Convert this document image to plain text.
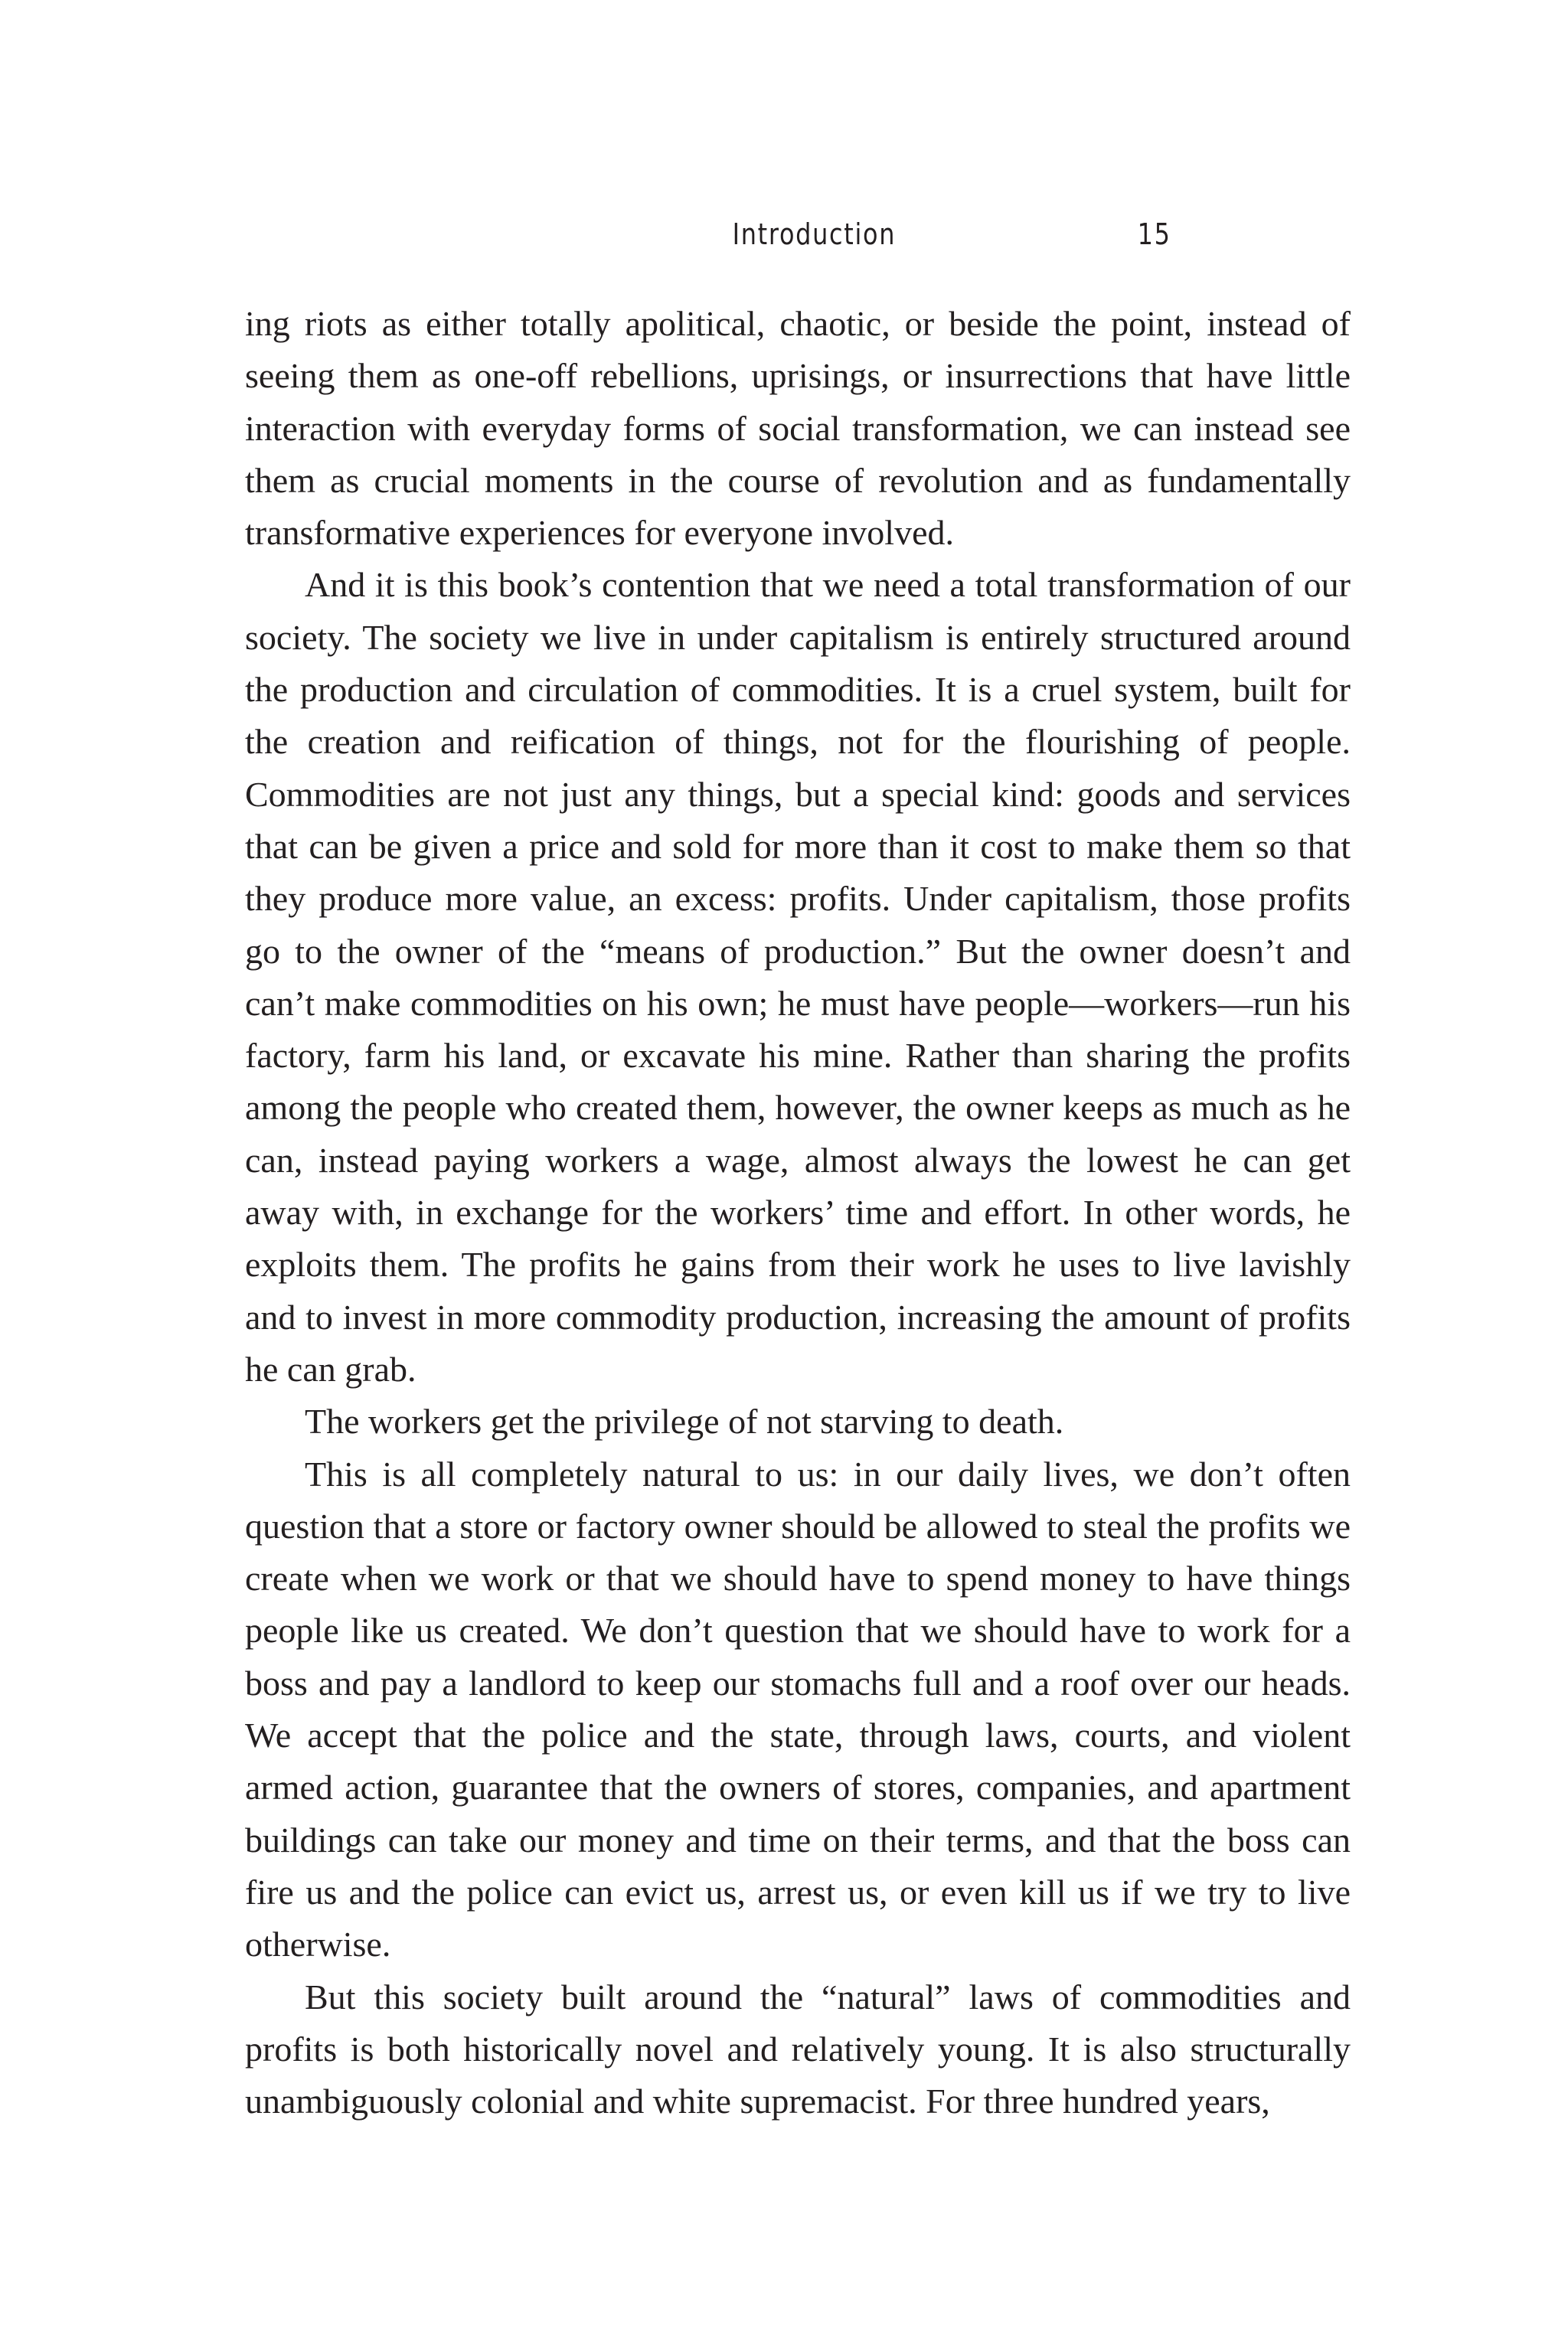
Introduction	15

ing riots as either totally apolitical, chaotic, or beside the point, instead of seeing them as one-off rebellions, uprisings, or insurrections that have little interaction with everyday forms of social transformation, we can instead see them as crucial moments in the course of revolution and as fundamentally transformative experiences for everyone involved.

And it is this book’s contention that we need a total transformation of our society. The society we live in under capitalism is entirely structured around the production and circulation of commodities. It is a cruel system, built for the creation and reification of things, not for the flourishing of people. Commodities are not just any things, but a special kind: goods and services that can be given a price and sold for more than it cost to make them so that they produce more value, an excess: profits. Under capitalism, those profits go to the owner of the “means of production.” But the owner doesn’t and can’t make commodities on his own; he must have people—workers—run his factory, farm his land, or excavate his mine. Rather than sharing the profits among the people who created them, however, the owner keeps as much as he can, instead paying workers a wage, almost always the lowest he can get away with, in exchange for the workers’ time and effort. In other words, he exploits them. The profits he gains from their work he uses to live lavishly and to invest in more commodity production, increasing the amount of profits he can grab.

The workers get the privilege of not starving to death.

This is all completely natural to us: in our daily lives, we don’t often question that a store or factory owner should be allowed to steal the profits we create when we work or that we should have to spend money to have things people like us created. We don’t question that we should have to work for a boss and pay a landlord to keep our stomachs full and a roof over our heads. We accept that the police and the state, through laws, courts, and violent armed action, guarantee that the owners of stores, companies, and apartment buildings can take our money and time on their terms, and that the boss can fire us and the police can evict us, arrest us, or even kill us if we try to live otherwise.

But this society built around the “natural” laws of commodities and profits is both historically novel and relatively young. It is also structurally unambiguously colonial and white supremacist. For three hundred years,
